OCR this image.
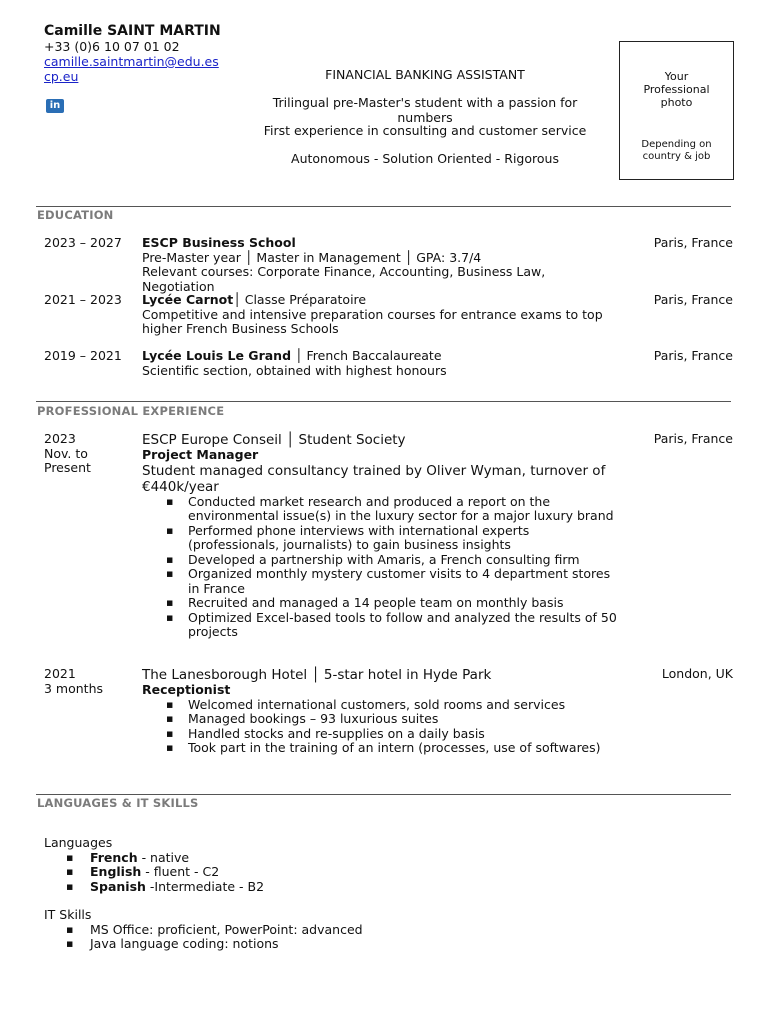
Camille SAINT MARTIN
+33 (0)6 10 07 01 02
camille.saintmartin@edu.es
cp.eu
in
FINANCIAL BANKING ASSISTANT
Trilingual pre-Master's student with a passion for numbers
First experience in consulting and customer service
Autonomous - Solution Oriented - Rigorous
Your Professional photo
Depending on country & job
EDUCATION
2023 – 2027 ESCP Business School
Pre-Master year │ Master in Management │ GPA: 3.7/4
Relevant courses: Corporate Finance, Accounting, Business Law, Negotiation
Paris, France
2021 – 2023 Lycée Carnot│ Classe Préparatoire
Competitive and intensive preparation courses for entrance exams to top
higher French Business Schools
Paris, France
2019 – 2021 Lycée Louis Le Grand │ French Baccalaureate
Scientific section, obtained with highest honours
Paris, France
PROFESSIONAL EXPERIENCE
2023
Nov. to
Present
ESCP Europe Conseil │ Student Society
Project Manager
Student managed consultancy trained by Oliver Wyman, turnover of €440k/year
▪ Conducted market research and produced a report on the environmental issue(s) in the luxury sector for a major luxury brand
▪ Performed phone interviews with international experts (professionals, journalists) to gain business insights
▪ Developed a partnership with Amaris, a French consulting firm
▪ Organized monthly mystery customer visits to 4 department stores in France
▪ Recruited and managed a 14 people team on monthly basis
▪ Optimized Excel-based tools to follow and analyzed the results of 50 projects
Paris, France
2021
3 months
The Lanesborough Hotel │ 5-star hotel in Hyde Park
Receptionist
▪ Welcomed international customers, sold rooms and services
▪ Managed bookings – 93 luxurious suites
▪ Handled stocks and re-supplies on a daily basis
▪ Took part in the training of an intern (processes, use of softwares)
London, UK
LANGUAGES & IT SKILLS
Languages
▪ French - native
▪ English - fluent - C2
▪ Spanish -Intermediate - B2
IT Skills
▪ MS Office: proficient, PowerPoint: advanced
▪ Java language coding: notions
